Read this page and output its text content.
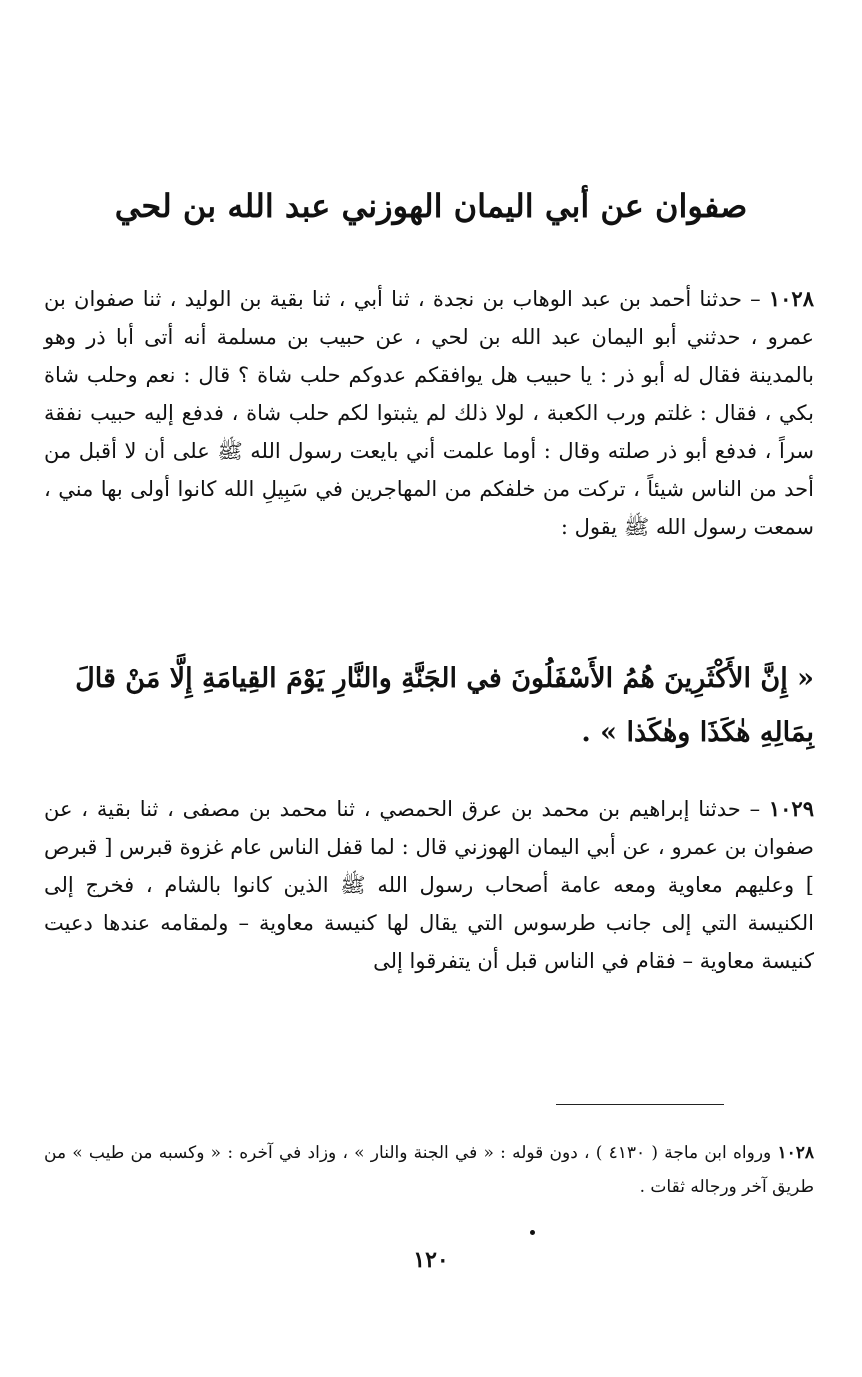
صفوان عن أبي اليمان الهوزني عبد الله بن لحي

١٠٢٨ – حدثنا أحمد بن عبد الوهاب بن نجدة ، ثنا أبي ، ثنا بقية بن الوليد ، ثنا صفوان بن عمرو ، حدثني أبو اليمان عبد الله بن لحي ، عن حبيب بن مسلمة أنه أتى أبا ذر وهو بالمدينة فقال له أبو ذر : يا حبيب هل يوافقكم عدوكم حلب شاة ؟ قال : نعم وحلب شاة بكي ، فقال : غلتم ورب الكعبة ، لولا ذلك لم يثبتوا لكم حلب شاة ، فدفع إليه حبيب نفقة سراً ، فدفع أبو ذر صلته وقال : أوما علمت أني بايعت رسول الله ﷺ على أن لا أقبل من أحد من الناس شيئاً ، تركت من خلفكم من المهاجرين في سَبِيلِ الله كانوا أولى بها مني ، سمعت رسول الله ﷺ يقول :

« إِنَّ الأَكْثَرِينَ هُمُ الأَسْفَلُونَ في الجَنَّةِ والنَّارِ يَوْمَ القِيامَةِ إِلَّا مَنْ قالَ بِمَالِهِ هٰكَذَا وهٰكَذا » .

١٠٢٩ – حدثنا إبراهيم بن محمد بن عرق الحمصي ، ثنا محمد بن مصفى ، ثنا بقية ، عن صفوان بن عمرو ، عن أبي اليمان الهوزني قال : لما قفل الناس عام غزوة قبرس [ قبرص ] وعليهم معاوية ومعه عامة أصحاب رسول الله ﷺ الذين كانوا بالشام ، فخرج إلى الكنيسة التي إلى جانب طرسوس التي يقال لها كنيسة معاوية – ولمقامه عندها دعيت كنيسة معاوية – فقام في الناس قبل أن يتفرقوا إلى

١٠٢٨ ورواه ابن ماجة ( ٤١٣٠ ) ، دون قوله : « في الجنة والنار » ، وزاد في آخره : « وكسبه من طيب » من طريق آخر ورجاله ثقات .

١٢٠
